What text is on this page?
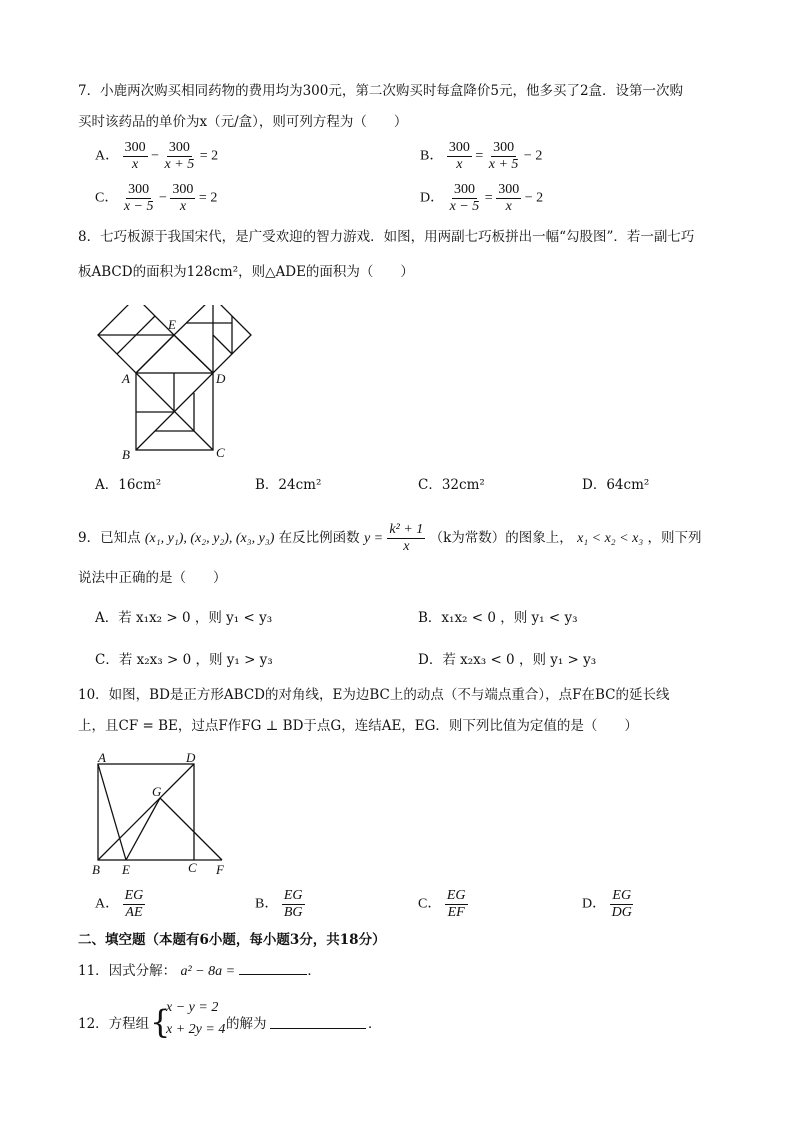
7．小鹿两次购买相同药物的费用均为300元，第二次购买时每盒降价5元，他多买了2盒．设第一次购
买时该药品的单价为x（元/盒），则可列方程为（　　）
A． $\frac{300}{x} - \frac{300}{x + 5} = 2$	B． $\frac{300}{x} = \frac{300}{x + 5} - 2$
C． $\frac{300}{x - 5} - \frac{300}{x} = 2$	D． $\frac{300}{x - 5} = \frac{300}{x} - 2$
8．七巧板源于我国宋代，是广受欢迎的智力游戏．如图，用两副七巧板拼出一幅“勾股图”．若一副七巧
板ABCD的面积为128cm²，则△ADE的面积为（　　）
E
A	D
B	C
A．16cm²	B．24cm²	C．32cm²	D．64cm²
9．已知点 (x₁, y₁), (x₂, y₂), (x₃, y₃) 在反比例函数 $y = \frac{\text{k² + 1}}{x} (k$为常数）的图象上， x₁ < x₂ < x₃ ，则下列
说法中正确的是（　　）
A．若 x₁x₂ > 0 ，则 y₁ < y₃	B．x₁x₂ < 0 ，则 y₁ < y₃
C．若 x₂x₃ > 0 ，则 y₁ > y₃	D．若 x₂x₃ < 0 ，则 y₁ > y₃
10．如图，BD是正方形ABCD的对角线，E为边BC上的动点（不与端点重合），点F在BC的延长线
上，且CF = BE，过点F作FG ⊥ BD于点G，连结AE，EG．则下列比值为定值的是（　　）
A	D
G
B E	C F
A． $\frac{EG}{AE}$	B． $\frac{EG}{BG}$	C． $\frac{EG}{EF}$	D． $\frac{EG}{DG}$
二、填空题（本题有6小题，每小题3分，共18分）
11．因式分解： a² − 8a =	．
12．方程组 {
x − y = 2
x + 2y = 4 的解为	．
